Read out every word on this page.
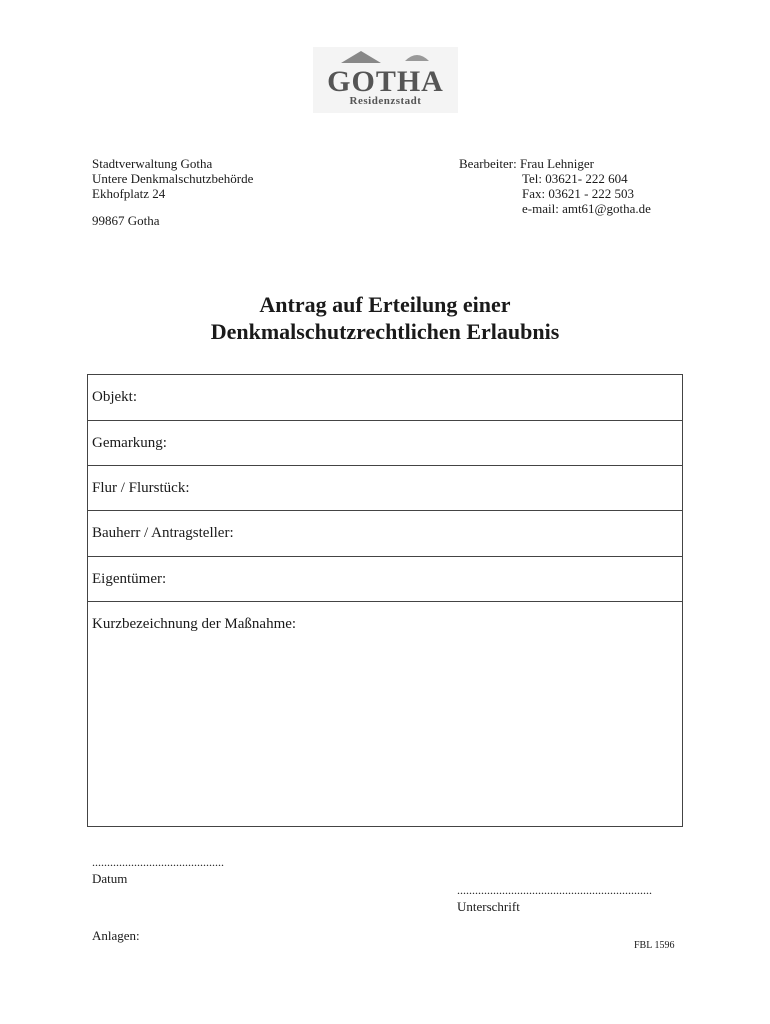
GOTHA
Residenzstadt
Stadtverwaltung Gotha
Untere Denkmalschutzbehörde
Ekhofplatz 24
99867 Gotha
Bearbeiter: Frau Lehniger
Tel: 03621- 222 604
Fax: 03621 - 222 503
e-mail: amt61@gotha.de
Antrag auf Erteilung einer
Denkmalschutzrechtlichen Erlaubnis
Objekt:
Gemarkung:
Flur / Flurstück:
Bauherr / Antragsteller:
Eigentümer:
Kurzbezeichnung der Maßnahme:
............................................
Datum
.................................................................
Unterschrift
Anlagen:
FBL 1596
